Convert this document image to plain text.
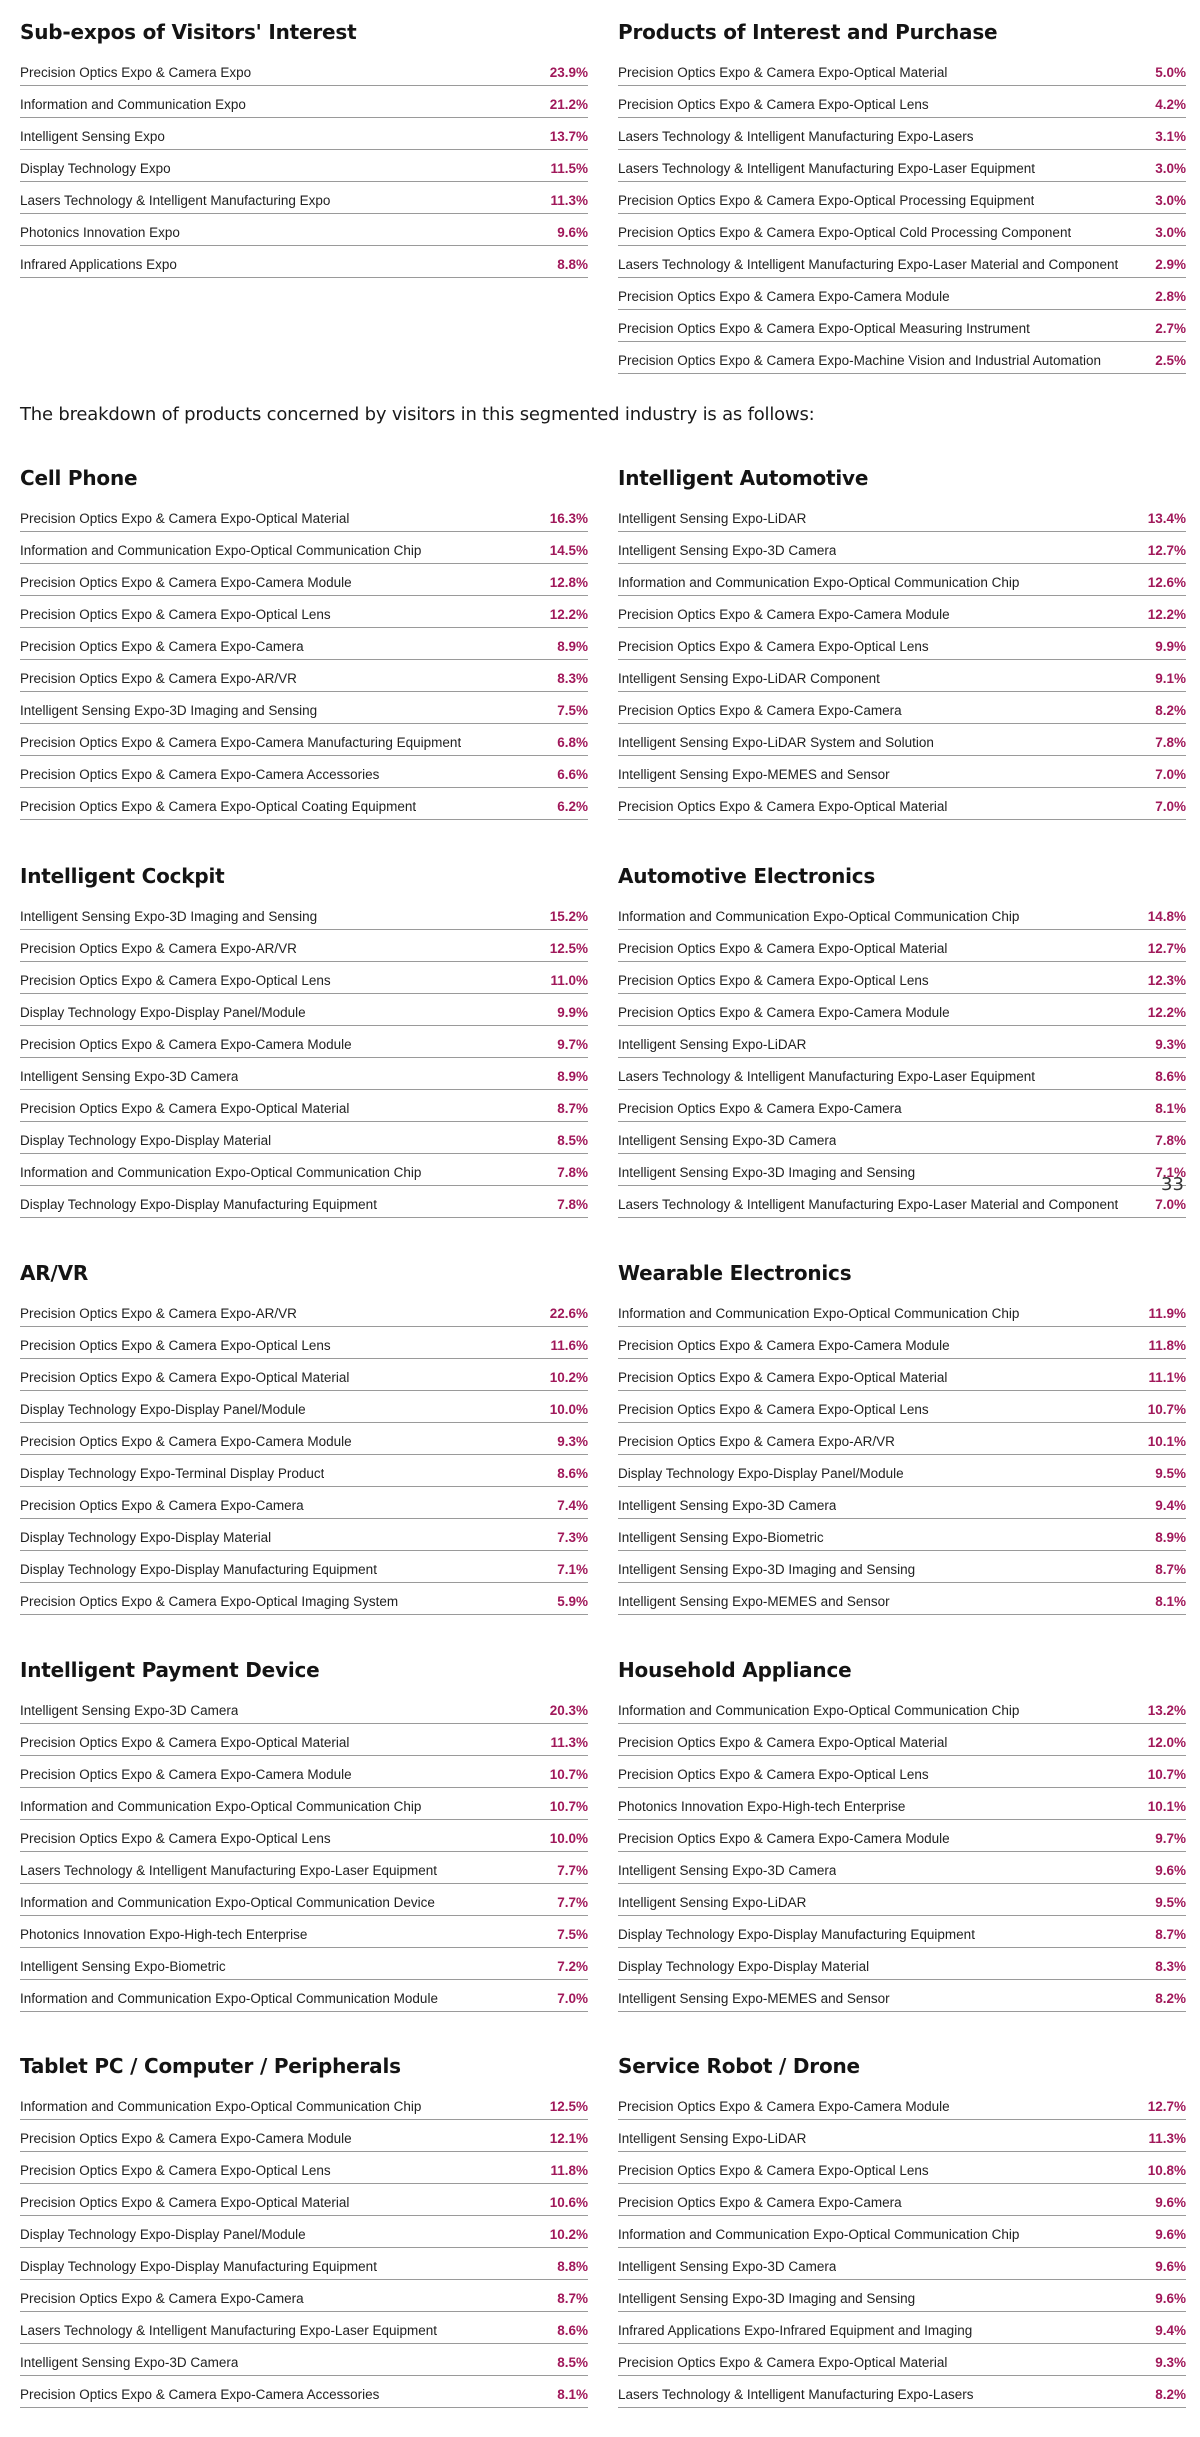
Sub-expos of Visitors' Interest
Precision Optics Expo & Camera Expo	23.9%
Information and Communication Expo	21.2%
Intelligent Sensing Expo	13.7%
Display Technology Expo	11.5%
Lasers Technology & Intelligent Manufacturing Expo	11.3%
Photonics Innovation Expo	9.6%
Infrared Applications Expo	8.8%
Products of Interest and Purchase
Precision Optics Expo & Camera Expo-Optical Material	5.0%
Precision Optics Expo & Camera Expo-Optical Lens	4.2%
Lasers Technology & Intelligent Manufacturing Expo-Lasers	3.1%
Lasers Technology & Intelligent Manufacturing Expo-Laser Equipment	3.0%
Precision Optics Expo & Camera Expo-Optical Processing Equipment	3.0%
Precision Optics Expo & Camera Expo-Optical Cold Processing Component	3.0%
Lasers Technology & Intelligent Manufacturing Expo-Laser Material and Component	2.9%
Precision Optics Expo & Camera Expo-Camera Module	2.8%
Precision Optics Expo & Camera Expo-Optical Measuring Instrument	2.7%
Precision Optics Expo & Camera Expo-Machine Vision and Industrial Automation	2.5%

The breakdown of products concerned by visitors in this segmented industry is as follows:

Cell Phone
Precision Optics Expo & Camera Expo-Optical Material	16.3%
Information and Communication Expo-Optical Communication Chip	14.5%
Precision Optics Expo & Camera Expo-Camera Module	12.8%
Precision Optics Expo & Camera Expo-Optical Lens	12.2%
Precision Optics Expo & Camera Expo-Camera	8.9%
Precision Optics Expo & Camera Expo-AR/VR	8.3%
Intelligent Sensing Expo-3D Imaging and Sensing	7.5%
Precision Optics Expo & Camera Expo-Camera Manufacturing Equipment	6.8%
Precision Optics Expo & Camera Expo-Camera Accessories	6.6%
Precision Optics Expo & Camera Expo-Optical Coating Equipment	6.2%
Intelligent Automotive
Intelligent Sensing Expo-LiDAR	13.4%
Intelligent Sensing Expo-3D Camera	12.7%
Information and Communication Expo-Optical Communication Chip	12.6%
Precision Optics Expo & Camera Expo-Camera Module	12.2%
Precision Optics Expo & Camera Expo-Optical Lens	9.9%
Intelligent Sensing Expo-LiDAR Component	9.1%
Precision Optics Expo & Camera Expo-Camera	8.2%
Intelligent Sensing Expo-LiDAR System and Solution	7.8%
Intelligent Sensing Expo-MEMES and Sensor	7.0%
Precision Optics Expo & Camera Expo-Optical Material	7.0%
Intelligent Cockpit
Intelligent Sensing Expo-3D Imaging and Sensing	15.2%
Precision Optics Expo & Camera Expo-AR/VR	12.5%
Precision Optics Expo & Camera Expo-Optical Lens	11.0%
Display Technology Expo-Display Panel/Module	9.9%
Precision Optics Expo & Camera Expo-Camera Module	9.7%
Intelligent Sensing Expo-3D Camera	8.9%
Precision Optics Expo & Camera Expo-Optical Material	8.7%
Display Technology Expo-Display Material	8.5%
Information and Communication Expo-Optical Communication Chip	7.8%
Display Technology Expo-Display Manufacturing Equipment	7.8%
Automotive Electronics
Information and Communication Expo-Optical Communication Chip	14.8%
Precision Optics Expo & Camera Expo-Optical Material	12.7%
Precision Optics Expo & Camera Expo-Optical Lens	12.3%
Precision Optics Expo & Camera Expo-Camera Module	12.2%
Intelligent Sensing Expo-LiDAR	9.3%
Lasers Technology & Intelligent Manufacturing Expo-Laser Equipment	8.6%
Precision Optics Expo & Camera Expo-Camera	8.1%
Intelligent Sensing Expo-3D Camera	7.8%
Intelligent Sensing Expo-3D Imaging and Sensing	7.1%
Lasers Technology & Intelligent Manufacturing Expo-Laser Material and Component	7.0%
AR/VR
Precision Optics Expo & Camera Expo-AR/VR	22.6%
Precision Optics Expo & Camera Expo-Optical Lens	11.6%
Precision Optics Expo & Camera Expo-Optical Material	10.2%
Display Technology Expo-Display Panel/Module	10.0%
Precision Optics Expo & Camera Expo-Camera Module	9.3%
Display Technology Expo-Terminal Display Product	8.6%
Precision Optics Expo & Camera Expo-Camera	7.4%
Display Technology Expo-Display Material	7.3%
Display Technology Expo-Display Manufacturing Equipment	7.1%
Precision Optics Expo & Camera Expo-Optical Imaging System	5.9%
Wearable Electronics
Information and Communication Expo-Optical Communication Chip	11.9%
Precision Optics Expo & Camera Expo-Camera Module	11.8%
Precision Optics Expo & Camera Expo-Optical Material	11.1%
Precision Optics Expo & Camera Expo-Optical Lens	10.7%
Precision Optics Expo & Camera Expo-AR/VR	10.1%
Display Technology Expo-Display Panel/Module	9.5%
Intelligent Sensing Expo-3D Camera	9.4%
Intelligent Sensing Expo-Biometric	8.9%
Intelligent Sensing Expo-3D Imaging and Sensing	8.7%
Intelligent Sensing Expo-MEMES and Sensor	8.1%
Intelligent Payment Device
Intelligent Sensing Expo-3D Camera	20.3%
Precision Optics Expo & Camera Expo-Optical Material	11.3%
Precision Optics Expo & Camera Expo-Camera Module	10.7%
Information and Communication Expo-Optical Communication Chip	10.7%
Precision Optics Expo & Camera Expo-Optical Lens	10.0%
Lasers Technology & Intelligent Manufacturing Expo-Laser Equipment	7.7%
Information and Communication Expo-Optical Communication Device	7.7%
Photonics Innovation Expo-High-tech Enterprise	7.5%
Intelligent Sensing Expo-Biometric	7.2%
Information and Communication Expo-Optical Communication Module	7.0%
Household Appliance
Information and Communication Expo-Optical Communication Chip	13.2%
Precision Optics Expo & Camera Expo-Optical Material	12.0%
Precision Optics Expo & Camera Expo-Optical Lens	10.7%
Photonics Innovation Expo-High-tech Enterprise	10.1%
Precision Optics Expo & Camera Expo-Camera Module	9.7%
Intelligent Sensing Expo-3D Camera	9.6%
Intelligent Sensing Expo-LiDAR	9.5%
Display Technology Expo-Display Manufacturing Equipment	8.7%
Display Technology Expo-Display Material	8.3%
Intelligent Sensing Expo-MEMES and Sensor	8.2%
Tablet PC / Computer / Peripherals
Information and Communication Expo-Optical Communication Chip	12.5%
Precision Optics Expo & Camera Expo-Camera Module	12.1%
Precision Optics Expo & Camera Expo-Optical Lens	11.8%
Precision Optics Expo & Camera Expo-Optical Material	10.6%
Display Technology Expo-Display Panel/Module	10.2%
Display Technology Expo-Display Manufacturing Equipment	8.8%
Precision Optics Expo & Camera Expo-Camera	8.7%
Lasers Technology & Intelligent Manufacturing Expo-Laser Equipment	8.6%
Intelligent Sensing Expo-3D Camera	8.5%
Precision Optics Expo & Camera Expo-Camera Accessories	8.1%
Service Robot / Drone
Precision Optics Expo & Camera Expo-Camera Module	12.7%
Intelligent Sensing Expo-LiDAR	11.3%
Precision Optics Expo & Camera Expo-Optical Lens	10.8%
Precision Optics Expo & Camera Expo-Camera	9.6%
Information and Communication Expo-Optical Communication Chip	9.6%
Intelligent Sensing Expo-3D Camera	9.6%
Intelligent Sensing Expo-3D Imaging and Sensing	9.6%
Infrared Applications Expo-Infrared Equipment and Imaging	9.4%
Precision Optics Expo & Camera Expo-Optical Material	9.3%
Lasers Technology & Intelligent Manufacturing Expo-Lasers	8.2%
33
